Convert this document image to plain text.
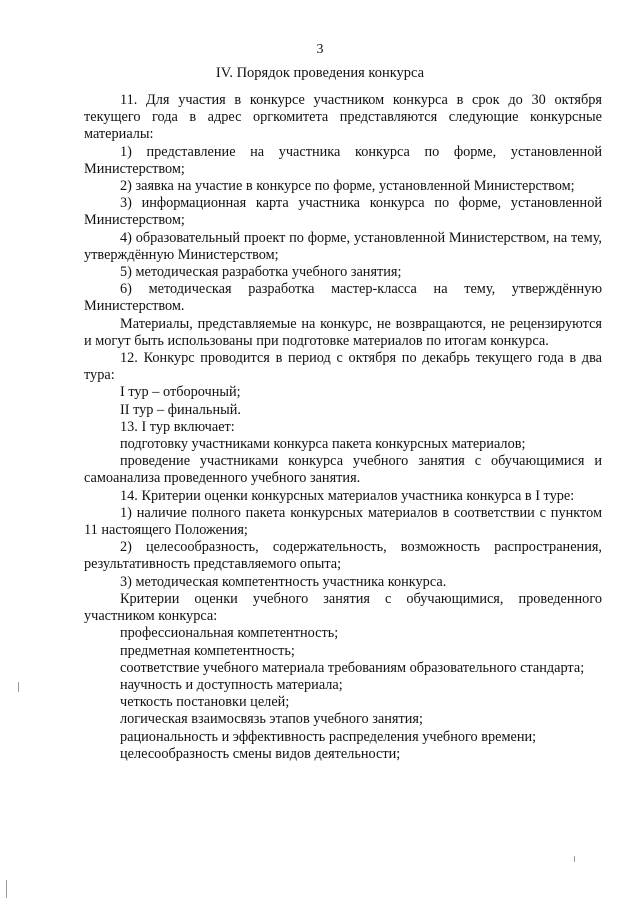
3
IV. Порядок проведения конкурса

11. Для участия в конкурсе участником конкурса в срок до 30 октября текущего года в адрес оргкомитета представляются следующие конкурсные материалы:

1) представление на участника конкурса по форме, установленной Министерством;

2) заявка на участие в конкурсе по форме, установленной Министерством;

3) информационная карта участника конкурса по форме, установленной Министерством;

4) образовательный проект по форме, установленной Министерством, на тему, утверждённую Министерством;

5) методическая разработка учебного занятия;

6) методическая разработка мастер-класса на тему, утверждённую Министерством.

Материалы, представляемые на конкурс, не возвращаются, не рецензируются и могут быть использованы при подготовке материалов по итогам конкурса.

12. Конкурс проводится в период с октября по декабрь текущего года в два тура:

I тур – отборочный;

II тур – финальный.

13. I тур включает:

подготовку участниками конкурса пакета конкурсных материалов;

проведение участниками конкурса учебного занятия с обучающимися и самоанализа проведенного учебного занятия.

14. Критерии оценки конкурсных материалов участника конкурса в I туре:

1) наличие полного пакета конкурсных материалов в соответствии с пунктом 11 настоящего Положения;

2) целесообразность, содержательность, возможность распространения, результативность представляемого опыта;

3) методическая компетентность участника конкурса.

Критерии оценки учебного занятия с обучающимися, проведенного участником конкурса:

профессиональная компетентность;

предметная компетентность;

соответствие учебного материала требованиям образовательного стандарта;

научность и доступность материала;

четкость постановки целей;

логическая взаимосвязь этапов учебного занятия;

рациональность и эффективность распределения учебного времени;

целесообразность смены видов деятельности;
